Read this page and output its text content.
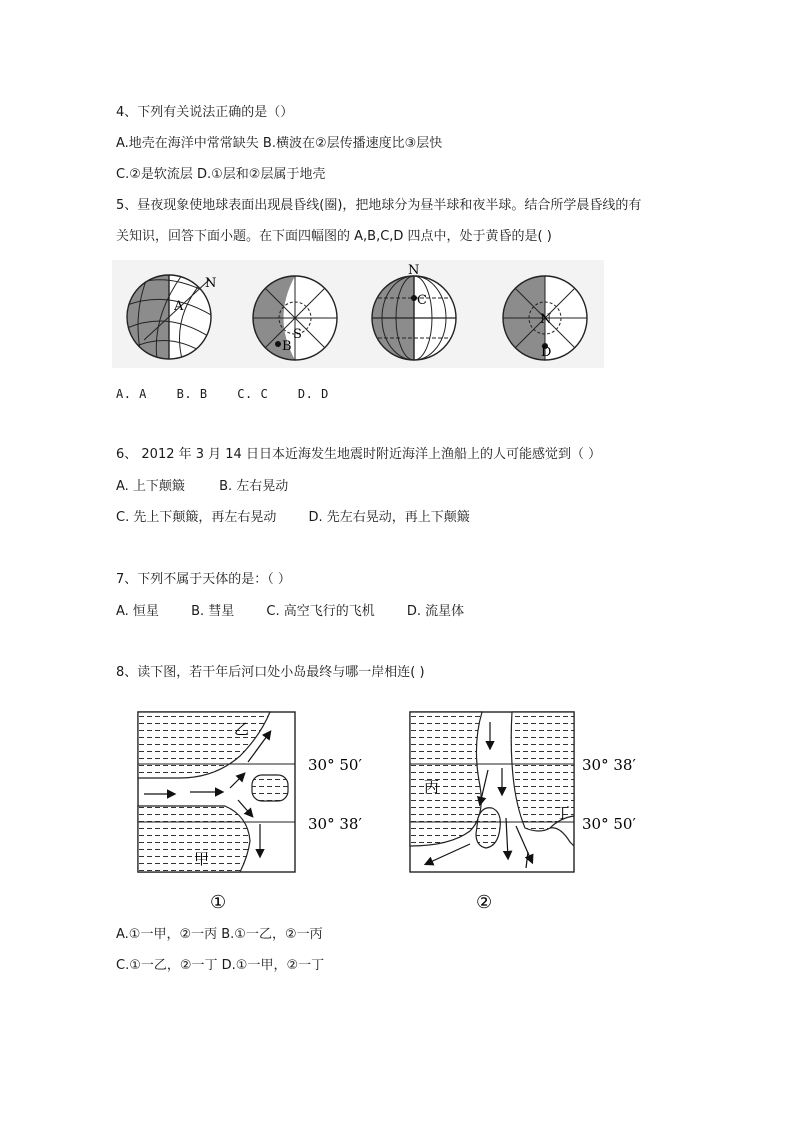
4、下列有关说法正确的是（）
A.地壳在海洋中常常缺失 B.横波在②层传播速度比③层快
C.②是软流层 D.①层和②层属于地壳
5、昼夜现象使地球表面出现晨昏线(圈)，把地球分为昼半球和夜半球。结合所学晨昏线的有
关知识，回答下面小题。在下面四幅图的 A,B,C,D 四点中，处于黄昏的是( )
A
N
S
B
N
C
N
D
A. A B. B C. C D. D
6、 2012 年 3 月 14 日日本近海发生地震时附近海洋上渔船上的人可能感觉到（ ）
A. 上下颠簸	B. 左右晃动
C. 先上下颠簸，再左右晃动 D. 先左右晃动，再上下颠簸
7、下列不属于天体的是：（ ）
A. 恒星 B. 彗星 C. 高空飞行的飞机 D. 流星体
8、读下图，若干年后河口处小岛最终与哪一岸相连( )
乙
甲
30° 50′
30° 38′
①
丙
丁
30° 38′
30° 50′
②
A.①一甲，②一丙 B.①一乙，②一丙
C.①一乙，②一丁 D.①一甲，②一丁
